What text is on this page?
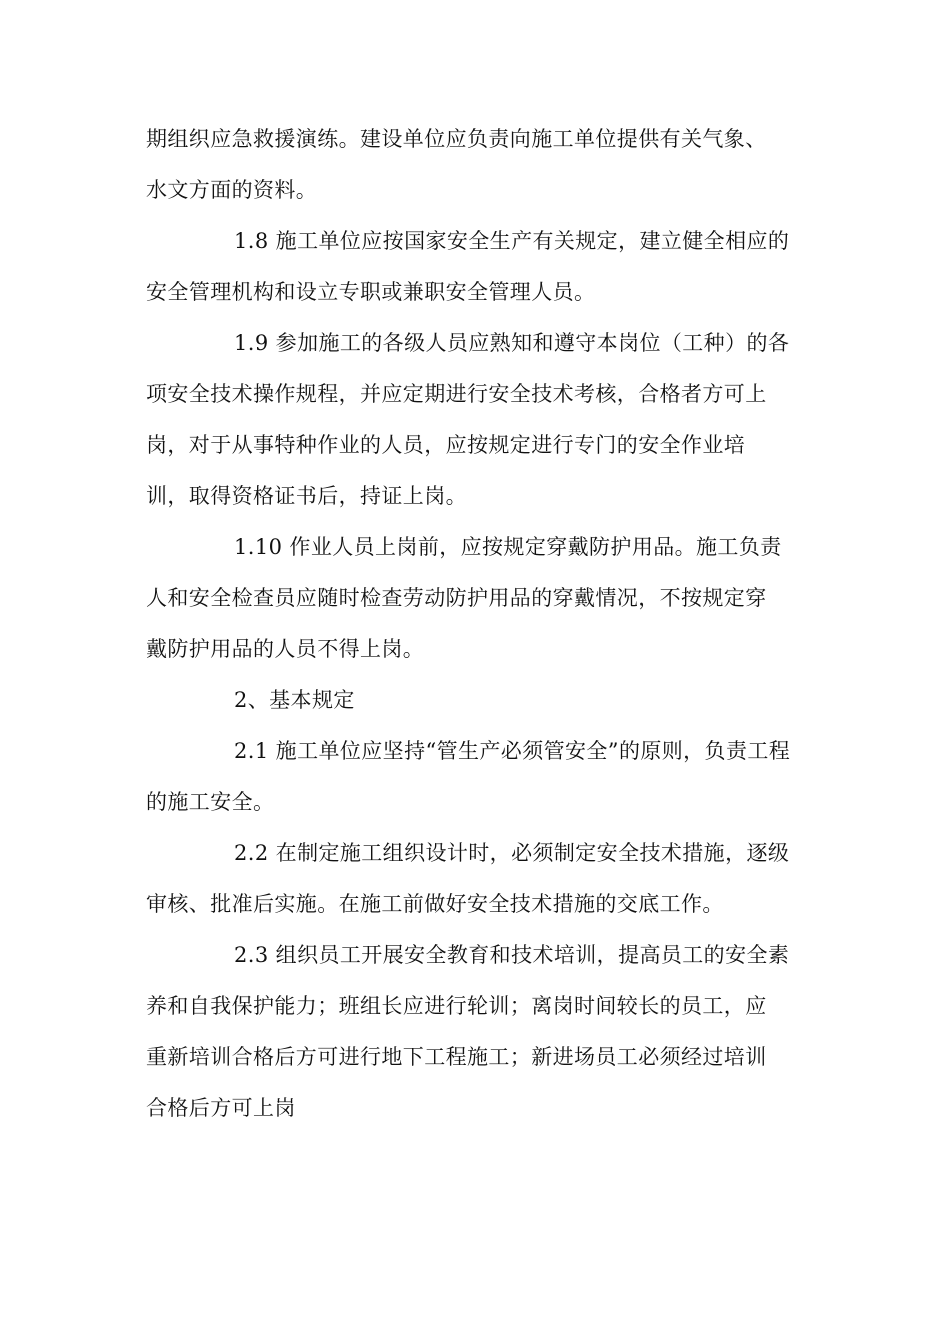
期组织应急救援演练。建设单位应负责向施工单位提供有关气象、
水文方面的资料。
1.8 施工单位应按国家安全生产有关规定，建立健全相应的
安全管理机构和设立专职或兼职安全管理人员。
1.9 参加施工的各级人员应熟知和遵守本岗位（工种）的各
项安全技术操作规程，并应定期进行安全技术考核，合格者方可上
岗，对于从事特种作业的人员，应按规定进行专门的安全作业培
训，取得资格证书后，持证上岗。
1.10 作业人员上岗前，应按规定穿戴防护用品。施工负责
人和安全检查员应随时检查劳动防护用品的穿戴情况，不按规定穿
戴防护用品的人员不得上岗。
2、基本规定
2.1 施工单位应坚持“管生产必须管安全”的原则，负责工程
的施工安全。
2.2 在制定施工组织设计时，必须制定安全技术措施，逐级
审核、批准后实施。在施工前做好安全技术措施的交底工作。
2.3 组织员工开展安全教育和技术培训，提高员工的安全素
养和自我保护能力；班组长应进行轮训；离岗时间较长的员工，应
重新培训合格后方可进行地下工程施工；新进场员工必须经过培训
合格后方可上岗
